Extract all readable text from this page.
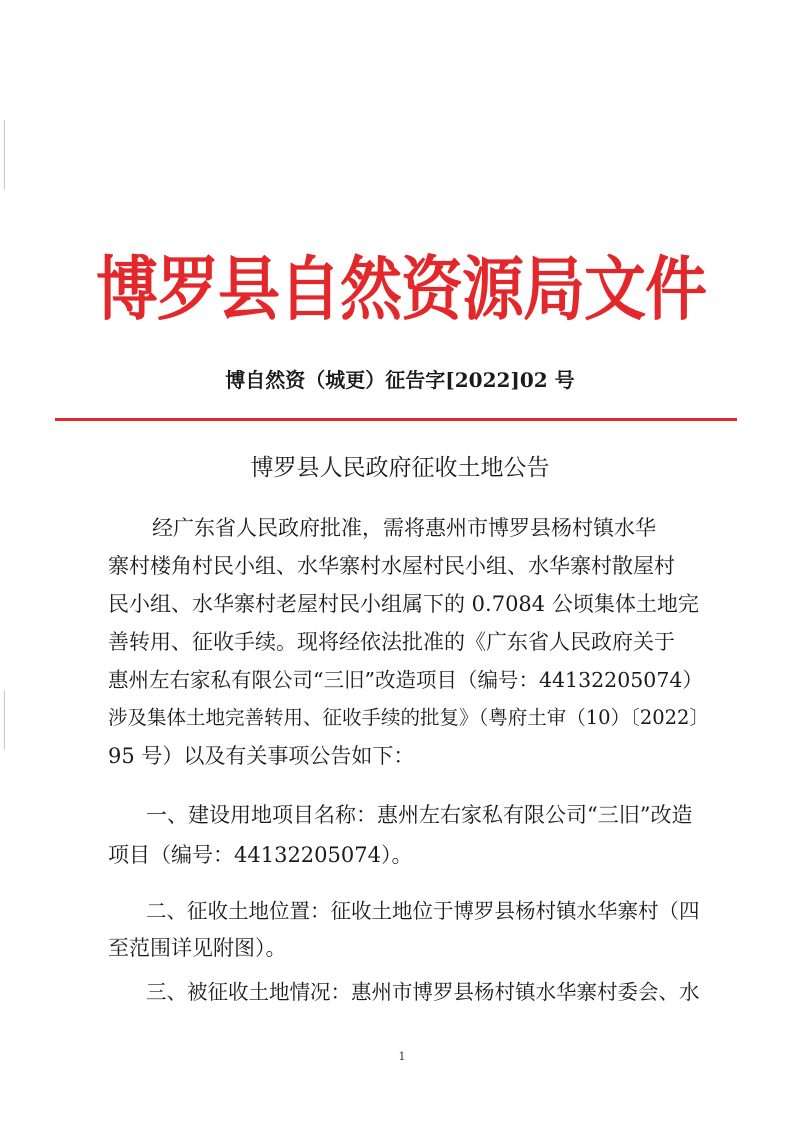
博罗县自然资源局文件
博自然资（城更）征告字[2022]02 号
博罗县人民政府征收土地公告
经广东省人民政府批准，需将惠州市博罗县杨村镇水华
寨村楼角村民小组、水华寨村水屋村民小组、水华寨村散屋村
民小组、水华寨村老屋村民小组属下的 0.7084 公顷集体土地完
善转用、征收手续。现将经依法批准的《广东省人民政府关于
惠州左右家私有限公司“三旧”改造项目（编号：44132205074）
涉及集体土地完善转用、征收手续的批复》（粤府土审（10）〔2022〕
95 号）以及有关事项公告如下：
一、建设用地项目名称：惠州左右家私有限公司“三旧”改造
项目（编号：44132205074）。
二、征收土地位置：征收土地位于博罗县杨村镇水华寨村（四
至范围详见附图）。
三、被征收土地情况：惠州市博罗县杨村镇水华寨村委会、水
1
